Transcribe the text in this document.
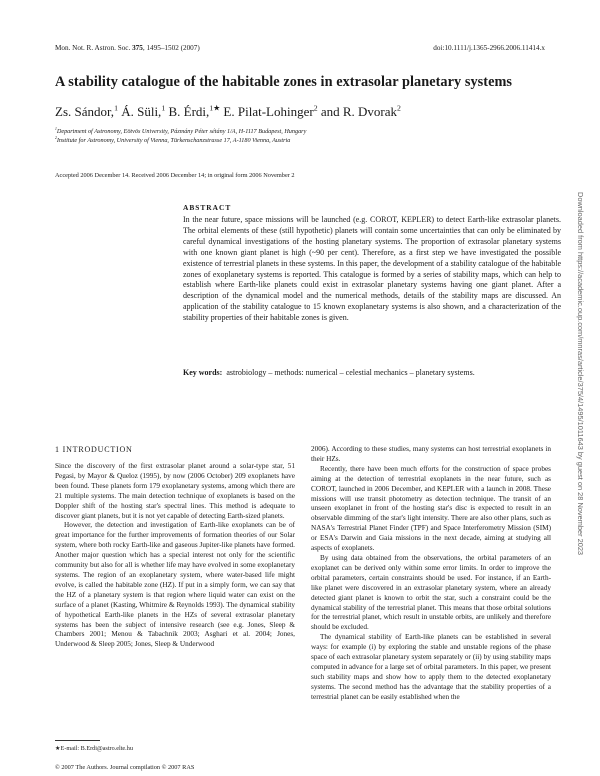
Mon. Not. R. Astron. Soc. 375, 1495–1502 (2007)	doi:10.1111/j.1365-2966.2006.11414.x
A stability catalogue of the habitable zones in extrasolar planetary systems
Zs. Sándor,$^1$ Á. Süli,$^1$ B. Érdi,$^{1★}$ E. Pilat-Lohinger$^2$ and R. Dvorak$^2$
$^1$Department of Astronomy, Eötvös University, Pázmány Péter sétány 1/A, H-1117 Budapest, Hungary
$^2$Institute for Astronomy, University of Vienna, Türkenschanzstrasse 17, A-1180 Vienna, Austria
Accepted 2006 December 14. Received 2006 December 14; in original form 2006 November 2
ABSTRACT
In the near future, space missions will be launched (e.g. COROT, KEPLER) to detect Earth-like extrasolar planets. The orbital elements of these (still hypothetic) planets will contain some uncertainties that can only be eliminated by careful dynamical investigations of the hosting planetary systems. The proportion of extrasolar planetary systems with one known giant planet is high (~90 per cent). Therefore, as a first step we have investigated the possible existence of terrestrial planets in these systems. In this paper, the development of a stability catalogue of the habitable zones of exoplanetary systems is reported. This catalogue is formed by a series of stability maps, which can help to establish where Earth-like planets could exist in extrasolar planetary systems having one giant planet. After a description of the dynamical model and the numerical methods, details of the stability maps are discussed. An application of the stability catalogue to 15 known exoplanetary systems is also shown, and a characterization of the stability properties of their habitable zones is given.
Key words: astrobiology – methods: numerical – celestial mechanics – planetary systems.
1 INTRODUCTION

Since the discovery of the first extrasolar planet around a solar-type star, 51 Pegasi, by Mayor & Queloz (1995), by now (2006 October) 209 exoplanets have been found. These planets form 179 exoplanetary systems, among which there are 21 multiple systems. The main detection technique of exoplanets is based on the Doppler shift of the hosting star's spectral lines. This method is adequate to discover giant planets, but it is not yet capable of detecting Earth-sized planets.

However, the detection and investigation of Earth-like exoplanets can be of great importance for the further improvements of formation theories of our Solar system, where both rocky Earth-like and gaseous Jupiter-like planets have formed. Another major question which has a special interest not only for the scientific community but also for all is whether life may have evolved in some exoplanetary systems. The region of an exoplanetary system, where water-based life might evolve, is called the habitable zone (HZ). If put in a simply form, we can say that the HZ of a planetary system is that region where liquid water can exist on the surface of a planet (Kasting, Whitmire & Reynolds 1993). The dynamical stability of hypothetical Earth-like planets in the HZs of several extrasolar planetary systems has been the subject of intensive research (see e.g. Jones, Sleep & Chambers 2001; Menou & Tabachnik 2003; Asghari et al. 2004; Jones, Underwood & Sleep 2005; Jones, Sleep & Underwood

2006). According to these studies, many systems can host terrestrial exoplanets in their HZs.

Recently, there have been much efforts for the construction of space probes aiming at the detection of terrestrial exoplanets in the near future, such as COROT, launched in 2006 December, and KEPLER with a launch in 2008. These missions will use transit photometry as detection technique. The transit of an unseen exoplanet in front of the hosting star's disc is expected to result in an observable dimming of the star's light intensity. There are also other plans, such as NASA's Terrestrial Planet Finder (TPF) and Space Interferometry Mission (SIM) or ESA's Darwin and Gaia missions in the next decade, aiming at studying all aspects of exoplanets.

By using data obtained from the observations, the orbital parameters of an exoplanet can be derived only within some error limits. In order to improve the orbital parameters, certain constraints should be used. For instance, if an Earth-like planet were discovered in an extrasolar planetary system, where an already detected giant planet is known to orbit the star, such a constraint could be the dynamical stability of the terrestrial planet. This means that those orbital solutions for the terrestrial planet, which result in unstable orbits, are unlikely and therefore should be excluded.

The dynamical stability of Earth-like planets can be established in several ways: for example (i) by exploring the stable and unstable regions of the phase space of each extrasolar planetary system separately or (ii) by using stability maps computed in advance for a large set of orbital parameters. In this paper, we present such stability maps and show how to apply them to the detected exoplanetary systems. The second method has the advantage that the stability properties of a terrestrial planet can be easily established when the

★E-mail: B.Erdi@astro.elte.hu
© 2007 The Authors. Journal compilation © 2007 RAS
Downloaded from https://academic.oup.com/mnras/article/375/4/1495/1011643 by guest on 28 November 2023
